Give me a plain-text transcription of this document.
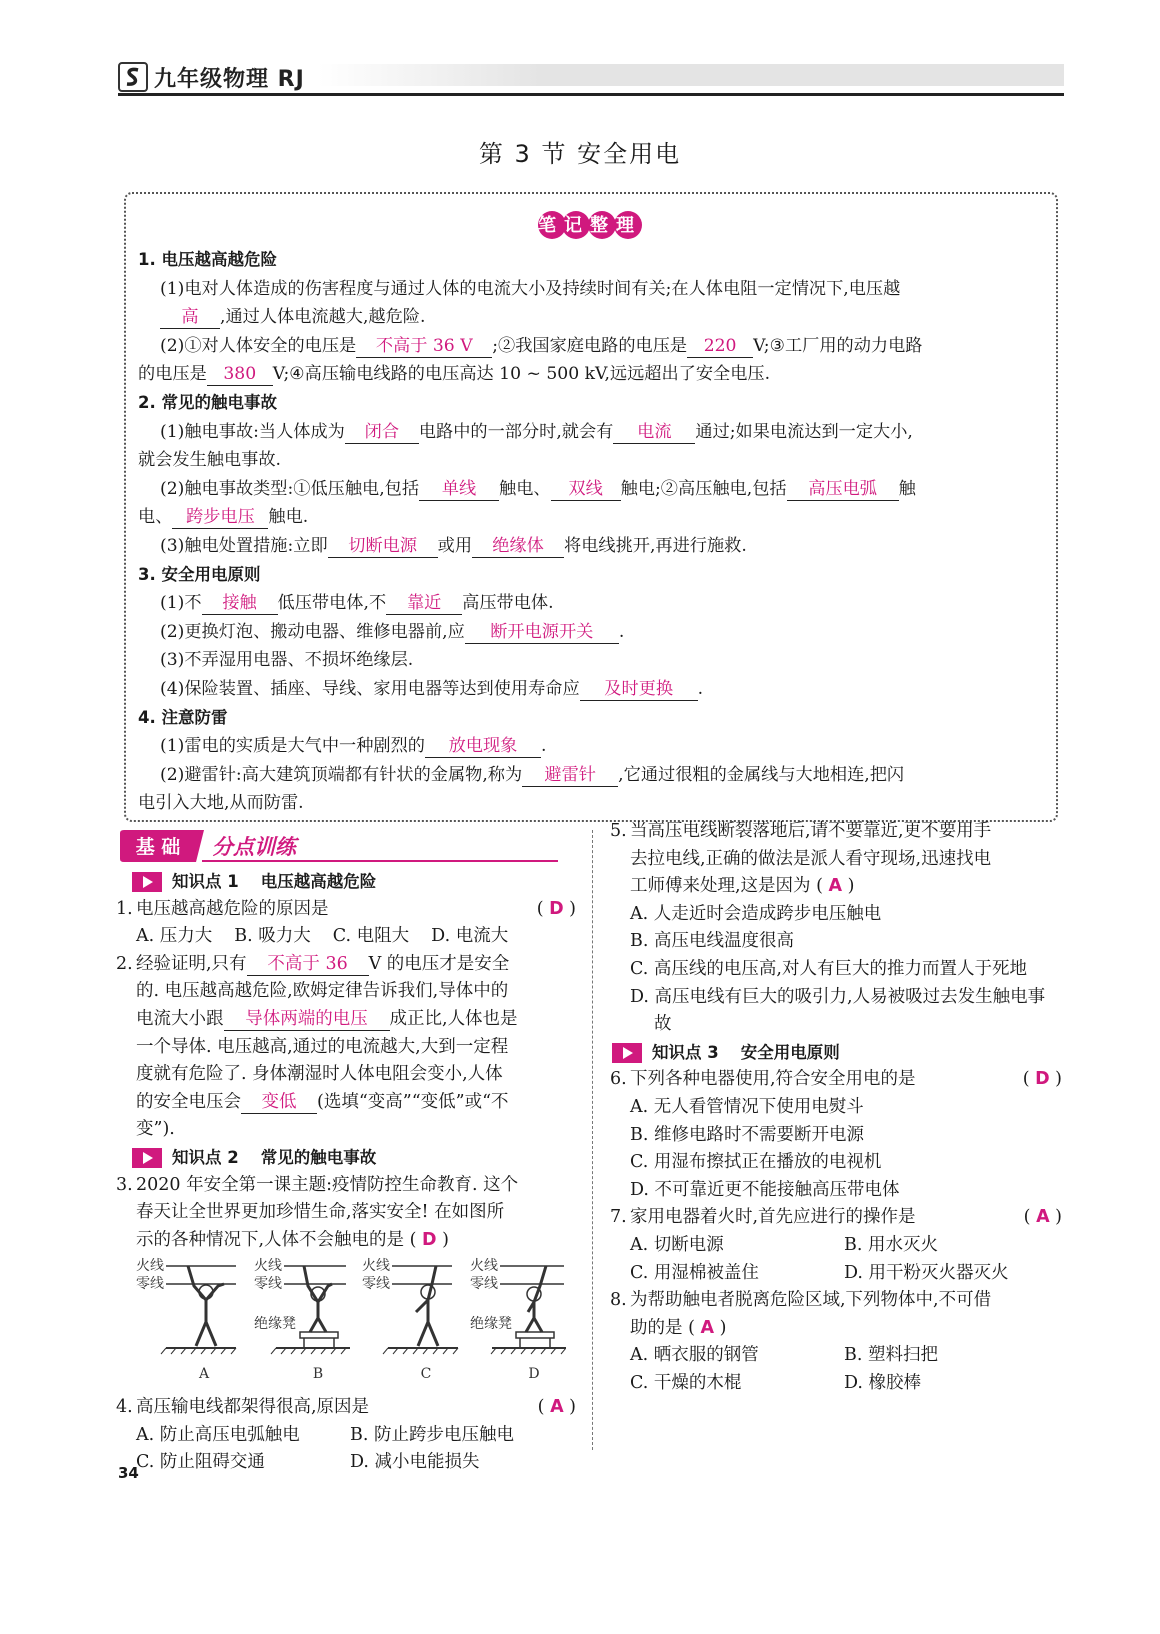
九年级物理 RJ
第 3 节 安全用电
笔记整理
1. 电压越高越危险
(1)电对人体造成的伤害程度与通过人体的电流大小及持续时间有关;在人体电阻一定情况下,电压越
高 ,通过人体电流越大,越危险.
(2)①对人体安全的电压是 不高于 36 V ;②我国家庭电路的电压是 220 V;③工厂用的动力电路
的电压是 380 V;④高压输电线路的电压高达 10 ~ 500 kV,远远超出了安全电压.
2. 常见的触电事故
(1)触电事故:当人体成为 闭合 电路中的一部分时,就会有 电流 通过;如果电流达到一定大小,
就会发生触电事故.
(2)触电事故类型:①低压触电,包括 单线 触电、 双线 触电;②高压触电,包括 高压电弧 触
电、 跨步电压 触电.
(3)触电处置措施:立即 切断电源 或用 绝缘体 将电线挑开,再进行施救.
3. 安全用电原则
(1)不 接触 低压带电体,不 靠近 高压带电体.
(2)更换灯泡、搬动电器、维修电器前,应 断开电源开关 .
(3)不弄湿用电器、不损坏绝缘层.
(4)保险装置、插座、导线、家用电器等达到使用寿命应 及时更换 .
4. 注意防雷
(1)雷电的实质是大气中一种剧烈的 放电现象 .
(2)避雷针:高大建筑顶端都有针状的金属物,称为 避雷针 ,它通过很粗的金属线与大地相连,把闪
电引入大地,从而防雷.
基 础 分点训练
知识点 1 电压越高越危险
1. 电压越高越危险的原因是	( D )
A. 压力大 B. 吸力大 C. 电阻大 D. 电流大
2. 经验证明,只有 不高于 36 V 的电压才是安全
的. 电压越高越危险,欧姆定律告诉我们,导体中的
电流大小跟 导体两端的电压 成正比,人体也是
一个导体. 电压越高,通过的电流越大,大到一定程
度就有危险了. 身体潮湿时人体电阻会变小,人体
的安全电压会 变低 (选填“变高”“变低”或“不
变”).
知识点 2 常见的触电事故
3. 2020 年安全第一课主题:疫情防控生命教育. 这个
春天让全世界更加珍惜生命,落实安全! 在如图所
示的各种情况下,人体不会触电的是 ( D )
火线
零线
A
火线
零线
绝缘凳
B
火线
零线
C
火线
零线
绝缘凳
D
4. 高压输电线都架得很高,原因是	( A )
A. 防止高压电弧触电	B. 防止跨步电压触电
C. 防止阻碍交通	D. 减小电能损失
5. 当高压电线断裂落地后,请不要靠近,更不要用手
去拉电线,正确的做法是派人看守现场,迅速找电
工师傅来处理,这是因为 ( A )
A. 人走近时会造成跨步电压触电
B. 高压电线温度很高
C. 高压线的电压高,对人有巨大的推力而置人于死地
D. 高压电线有巨大的吸引力,人易被吸过去发生触电事故
知识点 3 安全用电原则
6. 下列各种电器使用,符合安全用电的是	( D )
A. 无人看管情况下使用电熨斗
B. 维修电路时不需要断开电源
C. 用湿布擦拭正在播放的电视机
D. 不可靠近更不能接触高压带电体
7. 家用电器着火时,首先应进行的操作是	( A )
A. 切断电源	B. 用水灭火
C. 用湿棉被盖住	D. 用干粉灭火器灭火
8. 为帮助触电者脱离危险区域,下列物体中,不可借
助的是 ( A )
A. 晒衣服的钢管	B. 塑料扫把
C. 干燥的木棍	D. 橡胶棒
34
